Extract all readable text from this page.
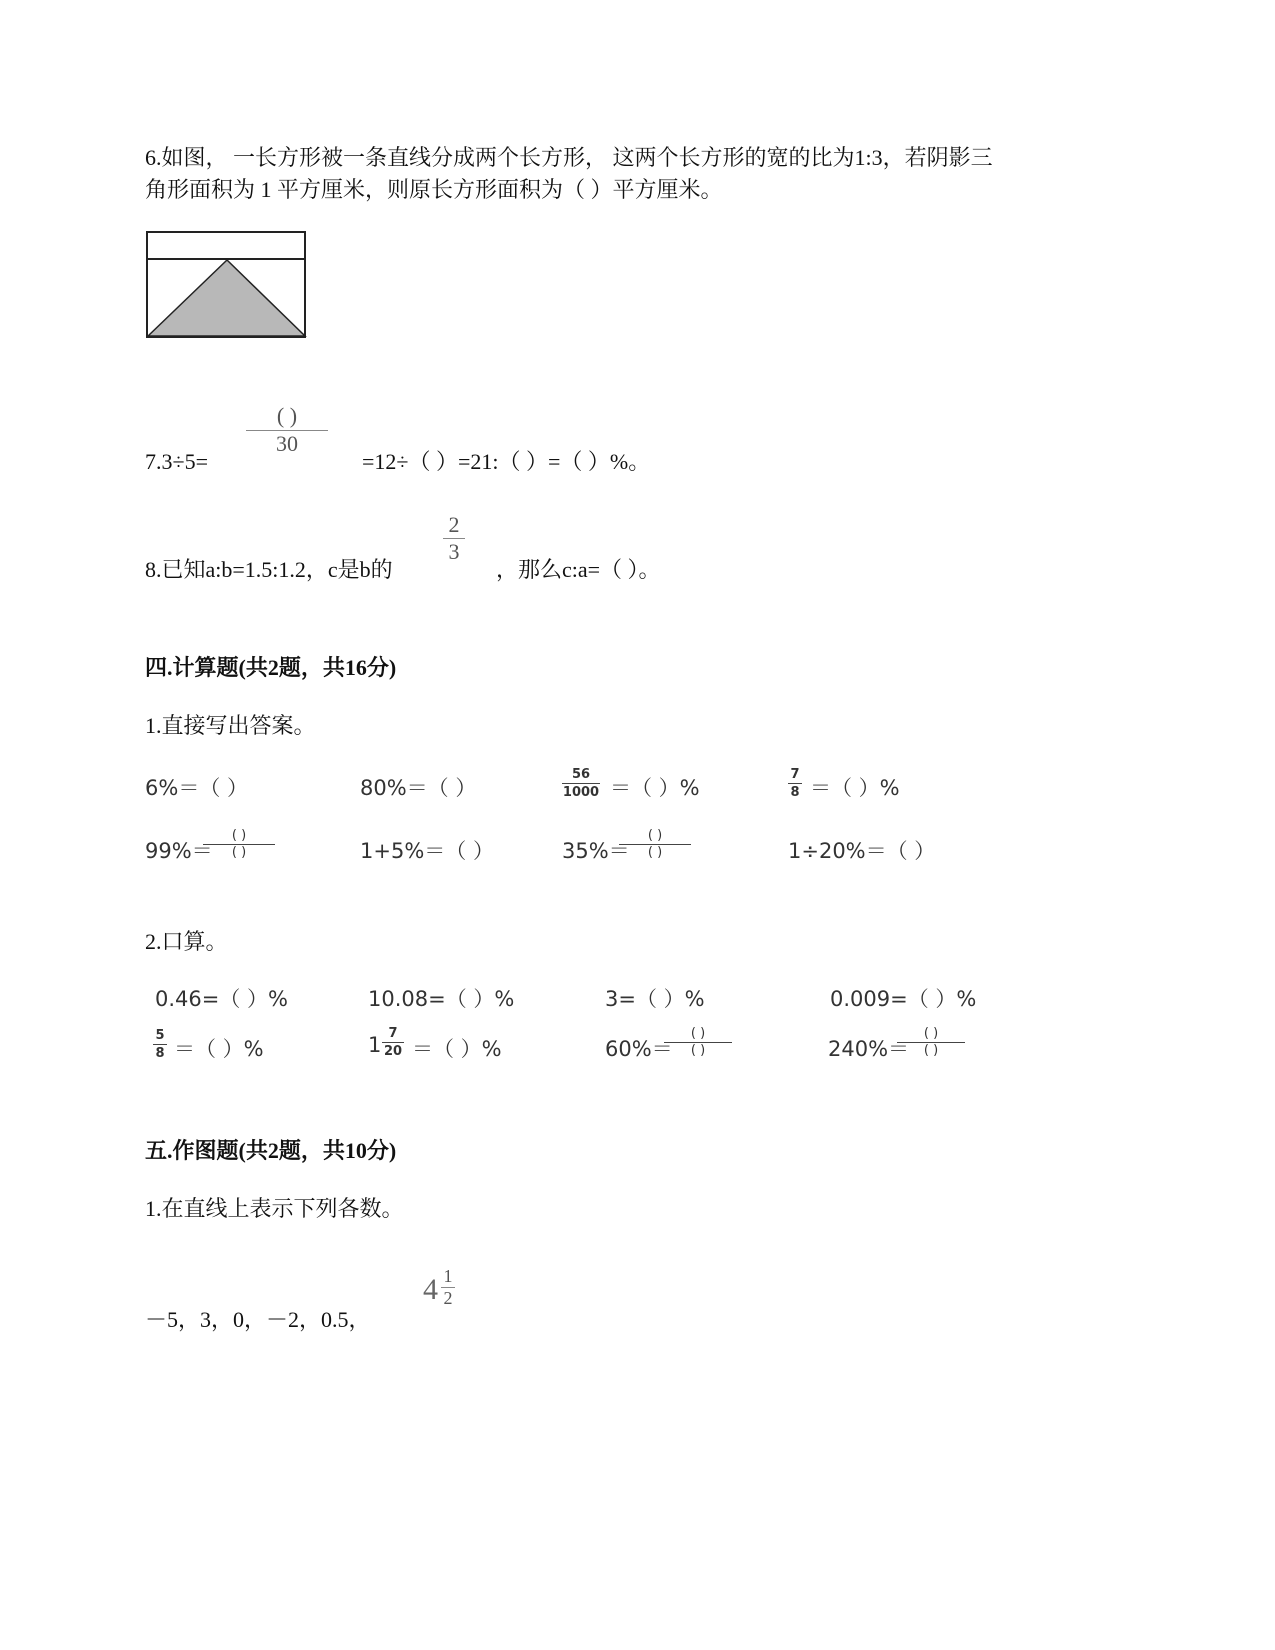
6.如图， 一长方形被一条直线分成两个长方形， 这两个长方形的宽的比为1:3，若阴影三
角形面积为 1 平方厘米，则原长方形面积为（ ）平方厘米。
7.3÷5=
( )
30
=12÷（ ）=21:（ ）=（ ）%。
8.已知a:b=1.5:1.2，c是b的
$\frac{2}{3}$
，那么c:a=（ ）。
四.计算题(共2题，共16分)
1.直接写出答案。
6%＝（ ）	80%＝（ ）	$\frac{56}{1000}$ ＝（ ）%	$\frac{7}{8}$ ＝（ ）%
99%＝
( )
( )	1+5%＝（ ）	35%＝
( )
( )	1÷20%＝（ ）
2.口算。
0.46=（ ）%	10.08=（ ）%	3=（ ）%	0.009=（ ）%
$\frac{5}{8}$ ＝（ ）%	$1 \frac{7}{20}$ ＝（ ）%	60%＝
( )
( )	240%＝
( )
( )
五.作图题(共2题，共10分)
1.在直线上表示下列各数。
－5，3，0，－2，0.5，
$4 \frac{1}{2}$
